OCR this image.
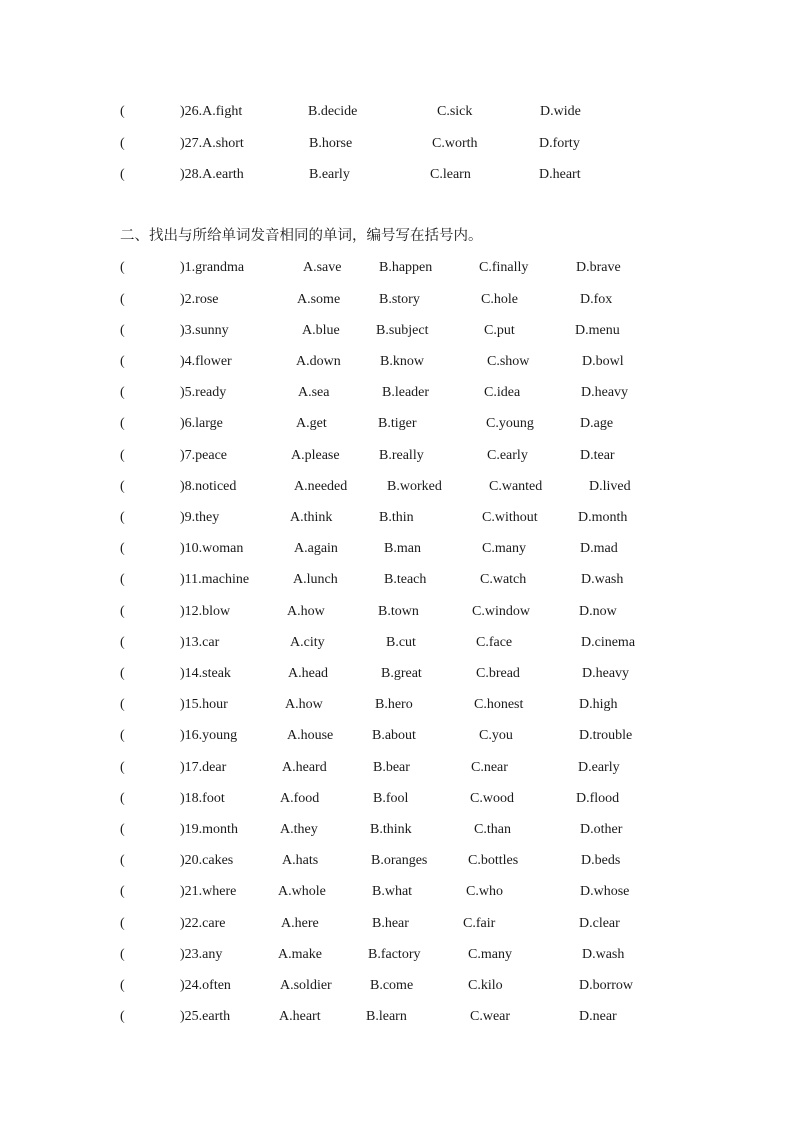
(	)26.A.fight	B.decide	C.sick	D.wide
(	)27.A.short	B.horse	C.worth	D.forty
(	)28.A.earth	B.early	C.learn	D.heart
二、找出与所给单词发音相同的单词，编号写在括号内。
(	)1.grandma	A.save	B.happen	C.finally	D.brave
(	)2.rose	A.some	B.story	C.hole	D.fox
(	)3.sunny	A.blue	B.subject	C.put	D.menu
(	)4.flower	A.down	B.know	C.show	D.bowl
(	)5.ready	A.sea	B.leader	C.idea	D.heavy
(	)6.large	A.get	B.tiger	C.young	D.age
(	)7.peace	A.please	B.really	C.early	D.tear
(	)8.noticed	A.needed	B.worked	C.wanted	D.lived
(	)9.they	A.think	B.thin	C.without	D.month
(	)10.woman	A.again	B.man	C.many	D.mad
(	)11.machine	A.lunch	B.teach	C.watch	D.wash
(	)12.blow	A.how	B.town	C.window	D.now
(	)13.car	A.city	B.cut	C.face	D.cinema
(	)14.steak	A.head	B.great	C.bread	D.heavy
(	)15.hour	A.how	B.hero	C.honest	D.high
(	)16.young	A.house	B.about	C.you	D.trouble
(	)17.dear	A.heard	B.bear	C.near	D.early
(	)18.foot	A.food	B.fool	C.wood	D.flood
(	)19.month	A.they	B.think	C.than	D.other
(	)20.cakes	A.hats	B.oranges	C.bottles	D.beds
(	)21.where	A.whole	B.what	C.who	D.whose
(	)22.care	A.here	B.hear	C.fair	D.clear
(	)23.any	A.make	B.factory	C.many	D.wash
(	)24.often	A.soldier	B.come	C.kilo	D.borrow
(	)25.earth	A.heart	B.learn	C.wear	D.near
